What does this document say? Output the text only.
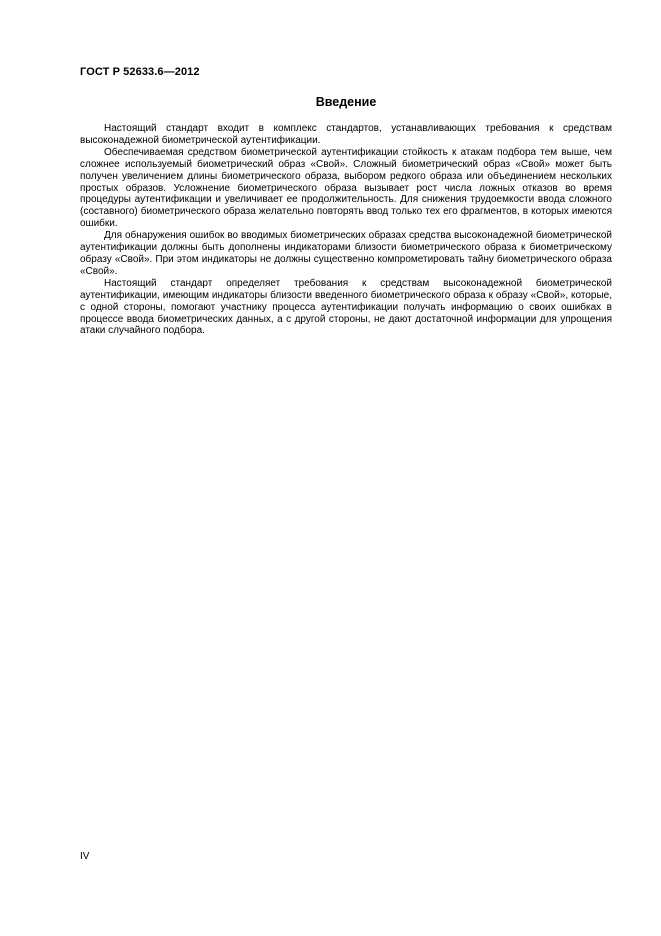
ГОСТ Р 52633.6—2012
Введение

Настоящий стандарт входит в комплекс стандартов, устанавливающих требования к средствам высоконадежной биометрической аутентификации.

Обеспечиваемая средством биометрической аутентификации стойкость к атакам подбора тем выше, чем сложнее используемый биометрический образ «Свой». Сложный биометрический образ «Свой» может быть получен увеличением длины биометрического образа, выбором редкого образа или объединением нескольких простых образов. Усложнение биометрического образа вызывает рост числа ложных отказов во время процедуры аутентификации и увеличивает ее продолжительность. Для снижения трудоемкости ввода сложного (составного) биометрического образа желательно повторять ввод только тех его фрагментов, в которых имеются ошибки.

Для обнаружения ошибок во вводимых биометрических образах средства высоконадежной биометрической аутентификации должны быть дополнены индикаторами близости биометрического образа к биометрическому образу «Свой». При этом индикаторы не должны существенно компрометировать тайну биометрического образа «Свой».

Настоящий стандарт определяет требования к средствам высоконадежной биометрической аутентификации, имеющим индикаторы близости введенного биометрического образа к образу «Свой», которые, с одной стороны, помогают участнику процесса аутентификации получать информацию о своих ошибках в процессе ввода биометрических данных, а с другой стороны, не дают достаточной информации для упрощения атаки случайного подбора.

IV
